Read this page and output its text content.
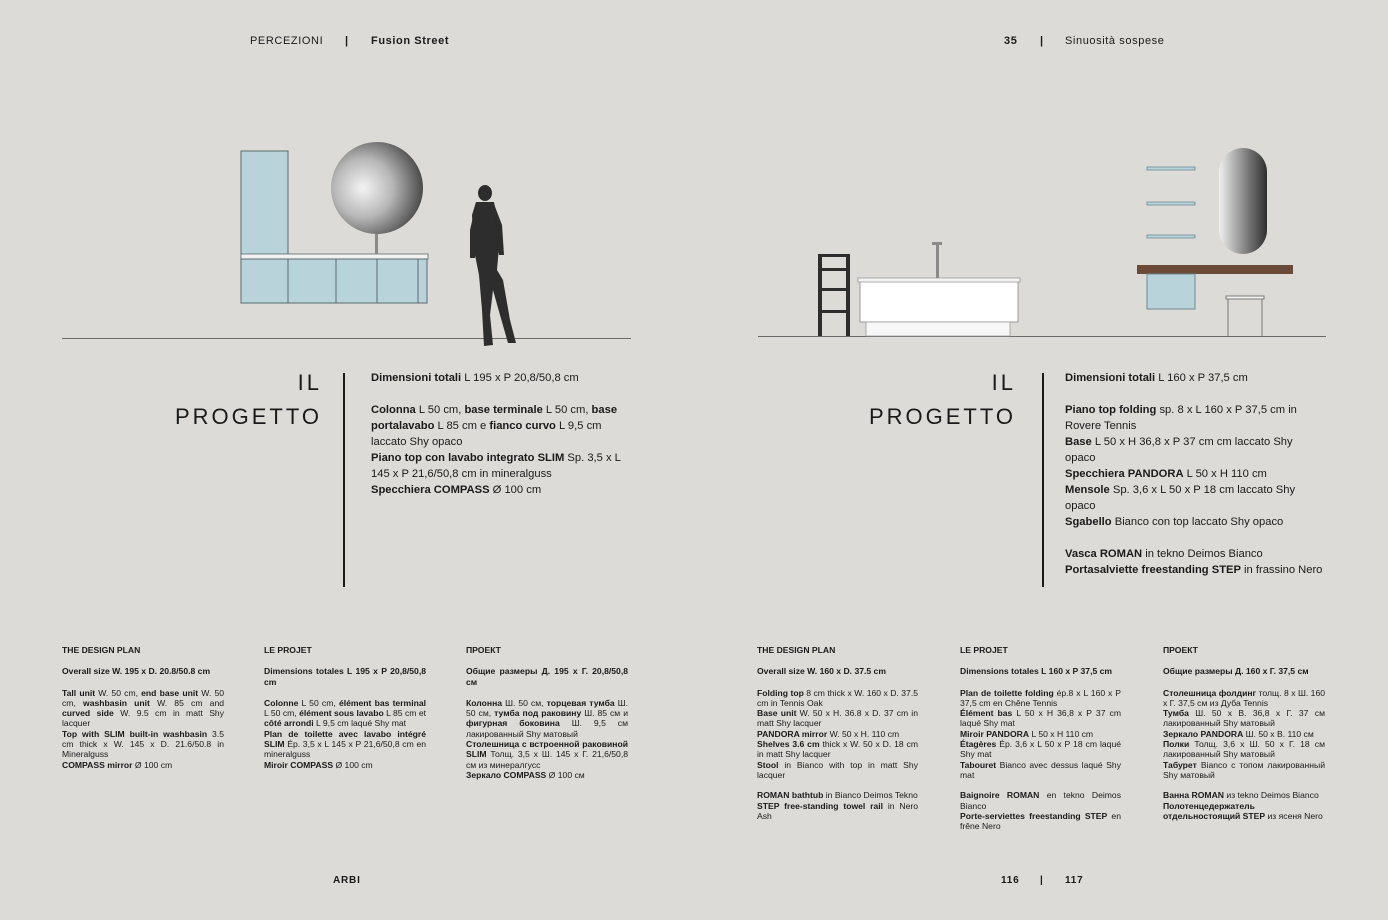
PERCEZIONI | Fusion Street	35 | Sinuosità sospese
IL
PROGETTO

Dimensioni totali L 195 x P 20,8/50,8 cm

Colonna L 50 cm, base terminale L 50 cm, base portalavabo L 85 cm e fianco curvo L 9,5 cm laccato Shy opaco

Piano top con lavabo integrato SLIM Sp. 3,5 x L 145 x P 21,6/50,8 cm in mineralguss

Specchiera COMPASS Ø 100 cm

IL
PROGETTO

Dimensioni totali L 160 x P 37,5 cm

Piano top folding sp. 8 x L 160 x P 37,5 cm in Rovere Tennis

Base L 50 x H 36,8 x P 37 cm cm laccato Shy opaco

Specchiera PANDORA L 50 x H 110 cm

Mensole Sp. 3,6 x L 50 x P 18 cm laccato Shy opaco

Sgabello Bianco con top laccato Shy opaco

Vasca ROMAN in tekno Deimos Bianco

Portasalviette freestanding STEP in frassino Nero

THE DESIGN PLAN

Overall size W. 195 x D. 20.8/50.8 cm

Tall unit W. 50 cm, end base unit W. 50 cm, washbasin unit W. 85 cm and curved side W. 9.5 cm in matt Shy lacquer

Top with SLIM built-in washbasin 3.5 cm thick x W. 145 x D. 21.6/50.8 in Mineralguss

COMPASS mirror Ø 100 cm

LE PROJET

Dimensions totales L 195 x P 20,8/50,8 cm

Colonne L 50 cm, élément bas terminal L 50 cm, élément sous lavabo L 85 cm et côté arrondi L 9,5 cm laqué Shy mat

Plan de toilette avec lavabo intégré SLIM Ép. 3,5 x L 145 x P 21,6/50,8 cm en mineralguss

Miroir COMPASS Ø 100 cm

ПРОЕКТ

Общие размеры Д. 195 x Г. 20,8/50,8 см

Колонна Ш. 50 см, торцевая тумба Ш. 50 см, тумба под раковину Ш. 85 см и фигурная боковина Ш. 9,5 см лакированный Shy матовый

Столешница с встроенной раковиной SLIM Толщ. 3,5 x Ш. 145 x Г. 21,6/50,8 см из минералгусс

Зеркало COMPASS Ø 100 см

THE DESIGN PLAN

Overall size W. 160 x D. 37.5 cm

Folding top 8 cm thick x W. 160 x D. 37.5 cm in Tennis Oak

Base unit W. 50 x H. 36.8 x D. 37 cm in matt Shy lacquer

PANDORA mirror W. 50 x H. 110 cm

Shelves 3.6 cm thick x W. 50 x D. 18 cm in matt Shy lacquer

Stool in Bianco with top in matt Shy lacquer

ROMAN bathtub in Bianco Deimos Tekno

STEP free-standing towel rail in Nero Ash

LE PROJET

Dimensions totales L 160 x P 37,5 cm

Plan de toilette folding ép.8 x L 160 x P 37,5 cm en Chêne Tennis

Élément bas L 50 x H 36,8 x P 37 cm laqué Shy mat

Miroir PANDORA L 50 x H 110 cm

Étagères Ép. 3,6 x L 50 x P 18 cm laqué Shy mat

Tabouret Bianco avec dessus laqué Shy mat

Baignoire ROMAN en tekno Deimos Bianco

Porte-serviettes freestanding STEP en frêne Nero

ПРОЕКТ

Общие размеры Д. 160 x Г. 37,5 см

Столешница фолдинг толщ. 8 x Ш. 160 x Г. 37,5 см из Дуба Tennis

Тумба Ш. 50 x В. 36,8 x Г. 37 см лакированный Shy матовый

Зеркало PANDORA Ш. 50 x В. 110 см

Полки Толщ. 3,6 x Ш. 50 x Г. 18 см лакированный Shy матовый

Табурет Bianco с топом лакированный Shy матовый

Ванна ROMAN из tekno Deimos Bianco

Полотенцедержатель отдельностоящий STEP из ясеня Nero

ARBI	116 | 117
